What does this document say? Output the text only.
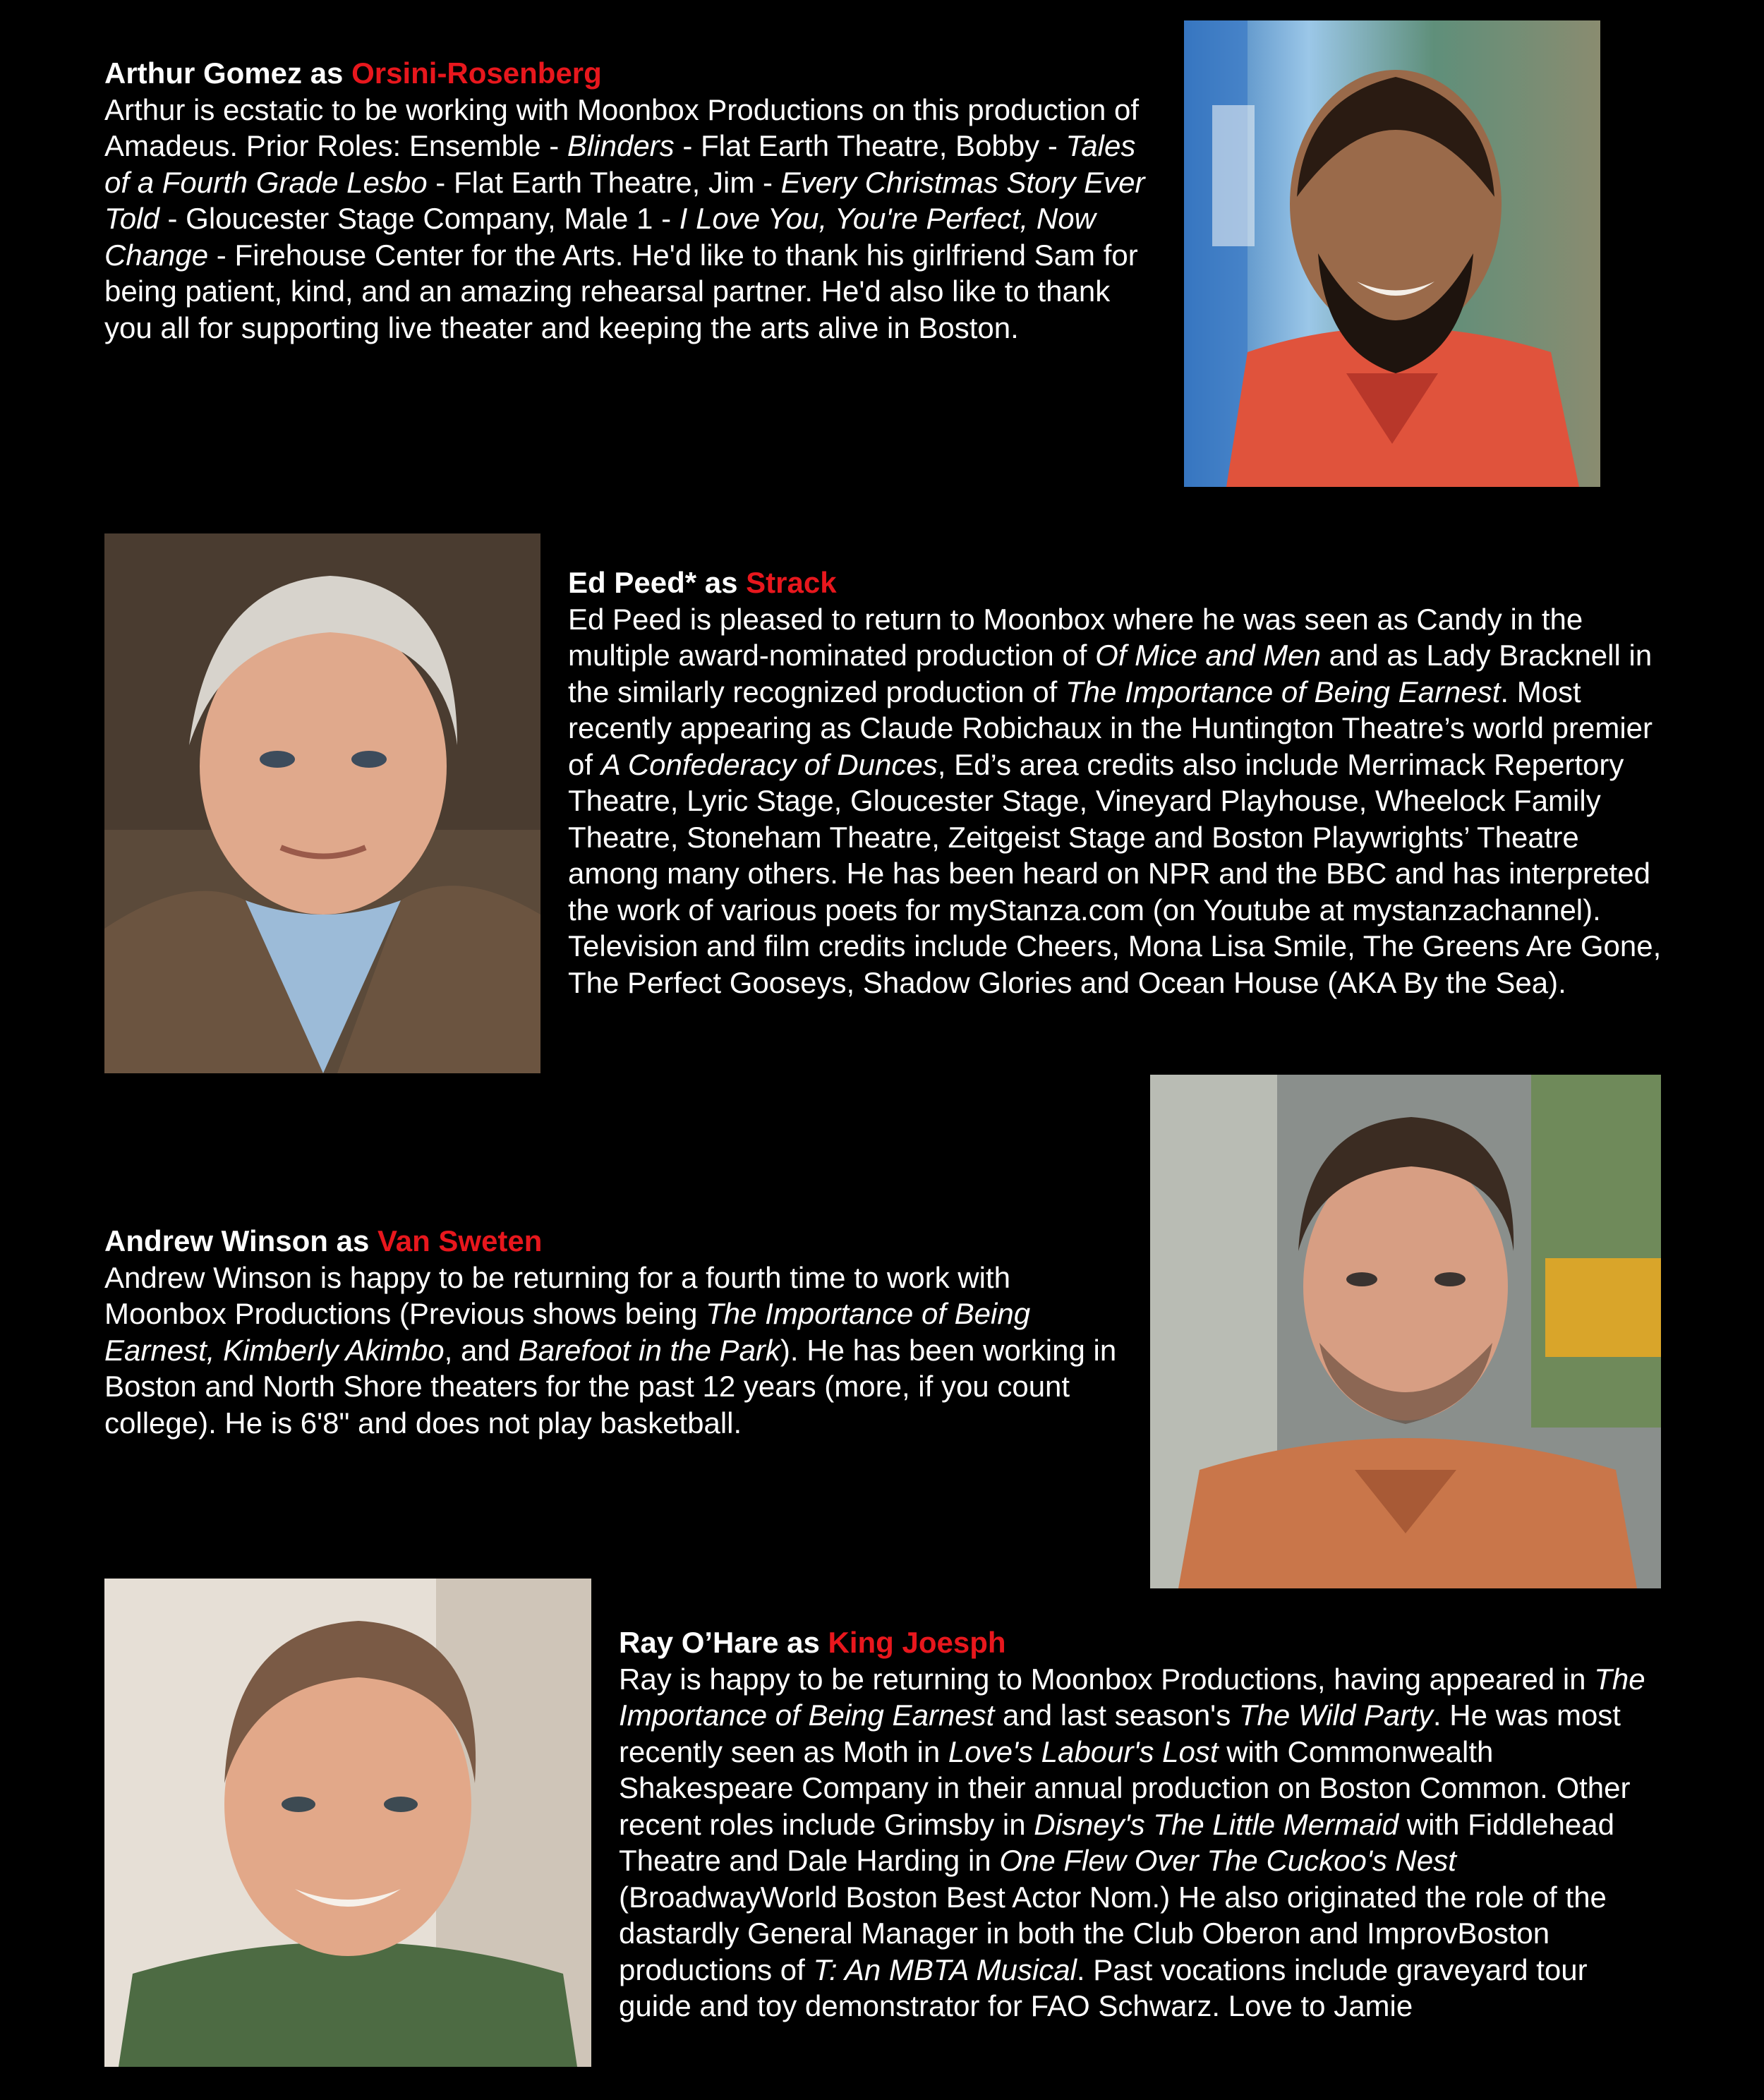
Arthur Gomez as Orsini-Rosenberg
Arthur is ecstatic to be working with Moonbox Productions on this production of Amadeus. Prior Roles: Ensemble - Blinders - Flat Earth Theatre, Bobby - Tales of a Fourth Grade Lesbo - Flat Earth Theatre, Jim - Every Christmas Story Ever Told - Gloucester Stage Company, Male 1 - I Love You, You're Perfect, Now Change - Firehouse Center for the Arts. He'd like to thank his girlfriend Sam for being patient, kind, and an amazing rehearsal partner. He'd also like to thank you all for supporting live theater and keeping the arts alive in Boston.
Ed Peed* as Strack
Ed Peed is pleased to return to Moonbox where he was seen as Candy in the multiple award-nominated production of Of Mice and Men and as Lady Bracknell in the similarly recognized production of The Importance of Being Earnest. Most recently appearing as Claude Robichaux in the Huntington Theatre’s world premier of A Confederacy of Dunces, Ed’s area credits also include Merrimack Repertory Theatre, Lyric Stage, Gloucester Stage, Vineyard Playhouse, Wheelock Family Theatre, Stoneham Theatre, Zeitgeist Stage and Boston Playwrights’ Theatre among many others. He has been heard on NPR and the BBC and has interpreted the work of various poets for myStanza.com (on Youtube at mystanzachannel). Television and film credits include Cheers, Mona Lisa Smile, The Greens Are Gone, The Perfect Gooseys, Shadow Glories and Ocean House (AKA By the Sea).
Andrew Winson as Van Sweten
Andrew Winson is happy to be returning for a fourth time to work with Moonbox Productions (Previous shows being The Importance of Being Earnest, Kimberly Akimbo, and Barefoot in the Park). He has been working in Boston and North Shore theaters for the past 12 years (more, if you count college). He is 6'8" and does not play basketball.
Ray O’Hare as King Joesph
Ray is happy to be returning to Moonbox Productions, having appeared in The Importance of Being Earnest and last season's The Wild Party. He was most recently seen as Moth in Love's Labour's Lost with Commonwealth Shakespeare Company in their annual production on Boston Common. Other recent roles include Grimsby in Disney's The Little Mermaid with Fiddlehead Theatre and Dale Harding in One Flew Over The Cuckoo's Nest (BroadwayWorld Boston Best Actor Nom.) He also originated the role of the dastardly General Manager in both the Club Oberon and ImprovBoston productions of T: An MBTA Musical. Past vocations include graveyard tour guide and toy demonstrator for FAO Schwarz. Love to Jamie
